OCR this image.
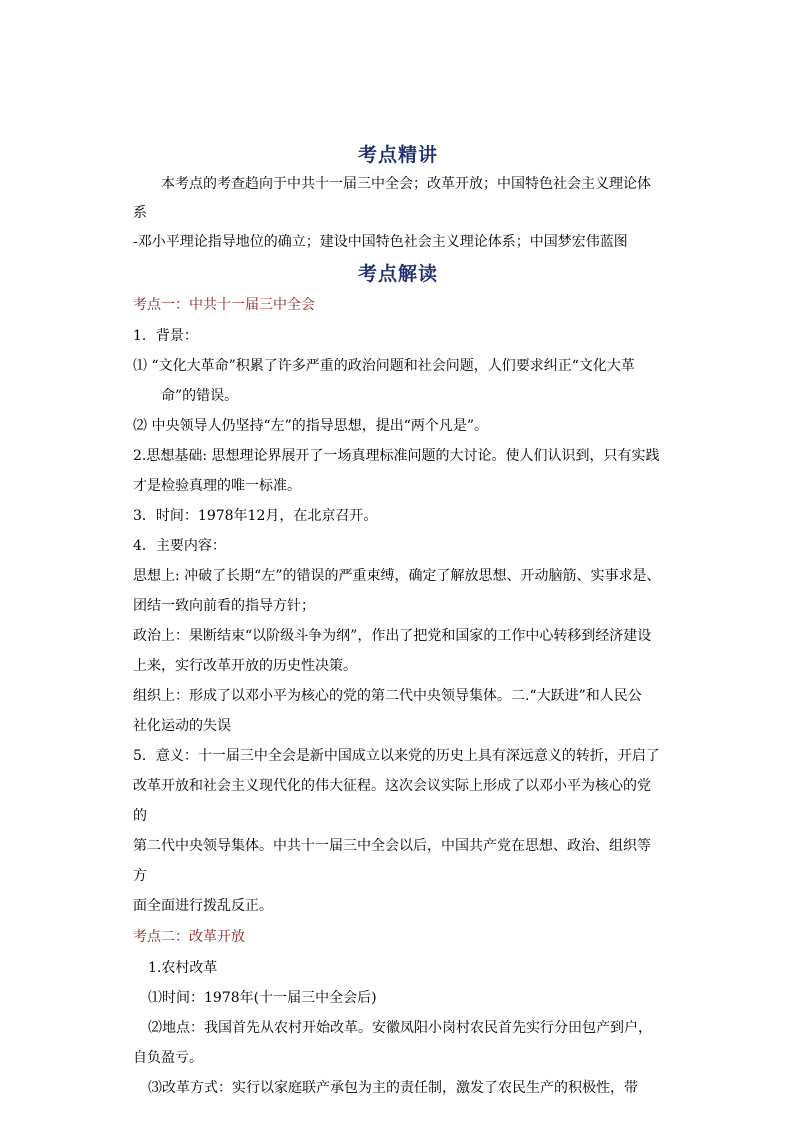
考点精讲

本考点的考查趋向于中共十一届三中全会；改革开放；中国特色社会主义理论体系
-邓小平理论指导地位的确立；建设中国特色社会主义理论体系；中国梦宏伟蓝图

考点解读

考点一：中共十一届三中全会

1．背景：

⑴ “文化大革命”积累了许多严重的政治问题和社会问题，人们要求纠正“文化大革
命”的错误。

⑵ 中央领导人仍坚持“左”的指导思想，提出“两个凡是”。

2.思想基础: 思想理论界展开了一场真理标准问题的大讨论。使人们认识到，只有实践
才是检验真理的唯一标准。

3．时间：1978年12月，在北京召开。

4．主要内容：

思想上: 冲破了长期“左”的错误的严重束缚，确定了解放思想、开动脑筋、实事求是、
团结一致向前看的指导方针；

政治上：果断结束“以阶级斗争为纲”，作出了把党和国家的工作中心转移到经济建设
上来，实行改革开放的历史性决策。

组织上：形成了以邓小平为核心的党的第二代中央领导集体。二.“大跃进”和人民公
社化运动的失误

5．意义：十一届三中全会是新中国成立以来党的历史上具有深远意义的转折，开启了
改革开放和社会主义现代化的伟大征程。这次会议实际上形成了以邓小平为核心的党的
第二代中央领导集体。中共十一届三中全会以后，中国共产党在思想、政治、组织等方
面全面进行拨乱反正。

考点二：改革开放

1.农村改革

⑴时间：1978年(十一届三中全会后)

⑵地点：我国首先从农村开始改革。安徽凤阳小岗村农民首先实行分田包产到户，
自负盈亏。

⑶改革方式：实行以家庭联产承包为主的责任制，激发了农民生产的积极性，带
